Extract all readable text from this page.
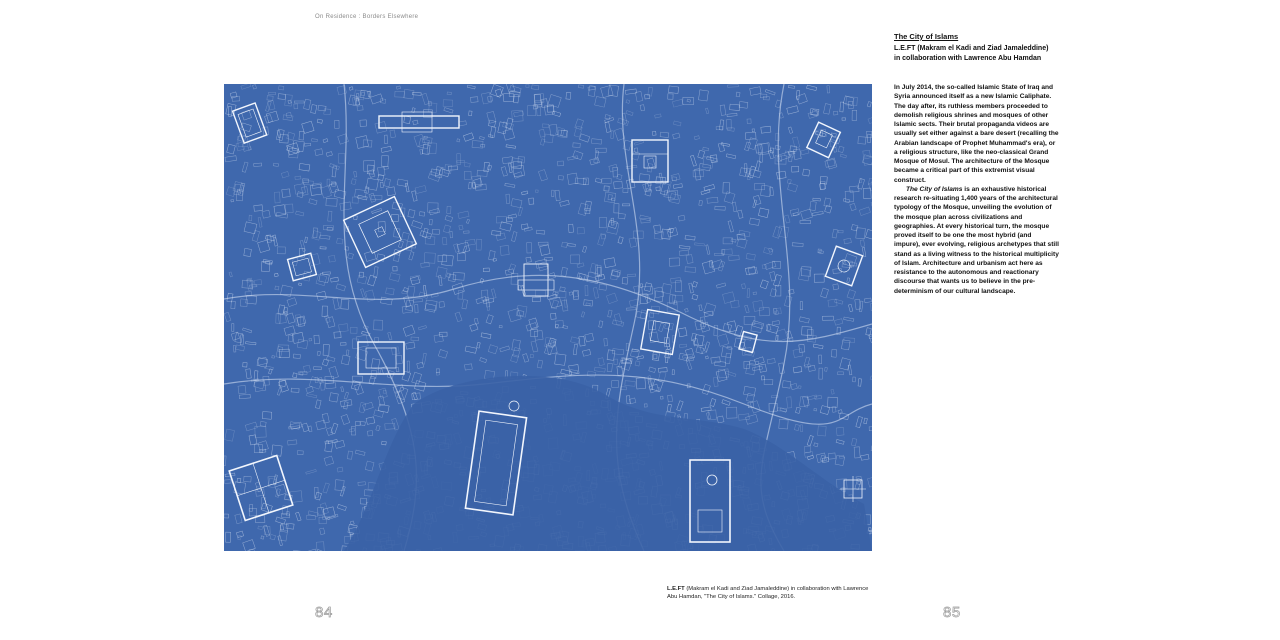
On Residence : Borders Elsewhere
The City of Islams
L.E.FT (Makram el Kadi and Ziad Jamaleddine)
in collaboration with Lawrence Abu Hamdan

In July 2014, the so-called Islamic State of Iraq and Syria announced itself as a new Islamic Caliphate. The day after, its ruthless members proceeded to demolish religious shrines and mosques of other Islamic sects. Their brutal propaganda videos are usually set either against a bare desert (recalling the Arabian landscape of Prophet Muhammad's era), or a religious structure, like the neo-classical Grand Mosque of Mosul. The architecture of the Mosque became a critical part of this extremist visual construct.

The City of Islams is an exhaustive historical research re-situating 1,400 years of the architectural typology of the Mosque, unveiling the evolution of the mosque plan across civilizations and geographies. At every historical turn, the mosque proved itself to be one the most hybrid (and impure), ever evolving, religious archetypes that still stand as a living witness to the historical multiplicity of Islam. Architecture and urbanism act here as resistance to the autonomous and reactionary discourse that wants us to believe in the pre-determinism of our cultural landscape.

L.E.FT (Makram el Kadi and Ziad Jamaleddine) in collaboration with Lawrence Abu Hamdan, "The City of Islams." Collage, 2016.
84	85
